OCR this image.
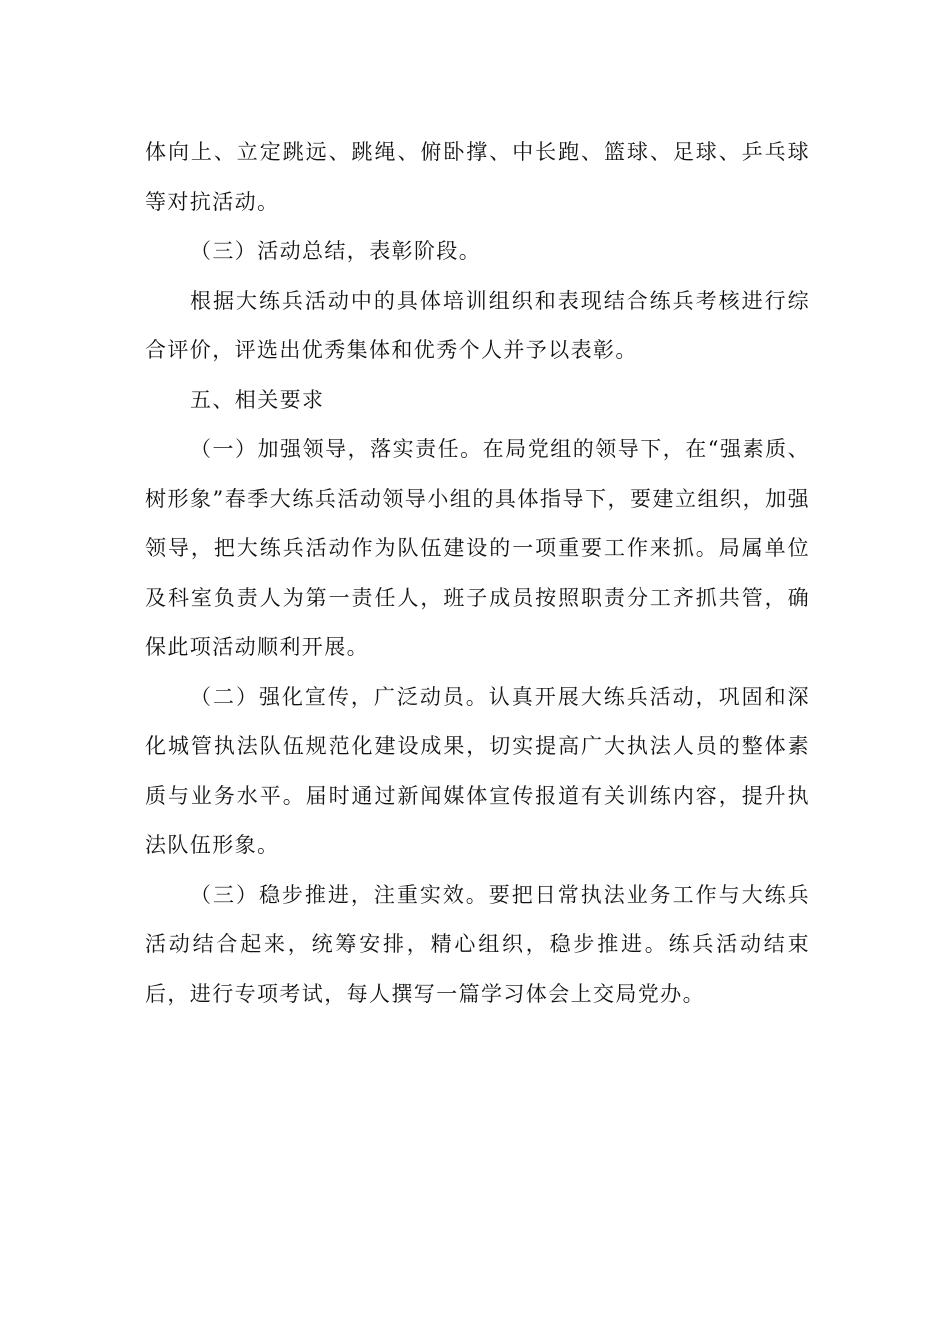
体向上、立定跳远、跳绳、俯卧撑、中长跑、篮球、足球、乒乓球等对抗活动。

（三）活动总结，表彰阶段。

根据大练兵活动中的具体培训组织和表现结合练兵考核进行综合评价，评选出优秀集体和优秀个人并予以表彰。

五、相关要求

（一）加强领导，落实责任。在局党组的领导下，在“强素质、树形象”春季大练兵活动领导小组的具体指导下，要建立组织，加强领导，把大练兵活动作为队伍建设的一项重要工作来抓。局属单位及科室负责人为第一责任人，班子成员按照职责分工齐抓共管，确保此项活动顺利开展。

（二）强化宣传，广泛动员。认真开展大练兵活动，巩固和深化城管执法队伍规范化建设成果，切实提高广大执法人员的整体素质与业务水平。届时通过新闻媒体宣传报道有关训练内容，提升执法队伍形象。

（三）稳步推进，注重实效。要把日常执法业务工作与大练兵活动结合起来，统筹安排，精心组织，稳步推进。练兵活动结束后，进行专项考试，每人撰写一篇学习体会上交局党办。
